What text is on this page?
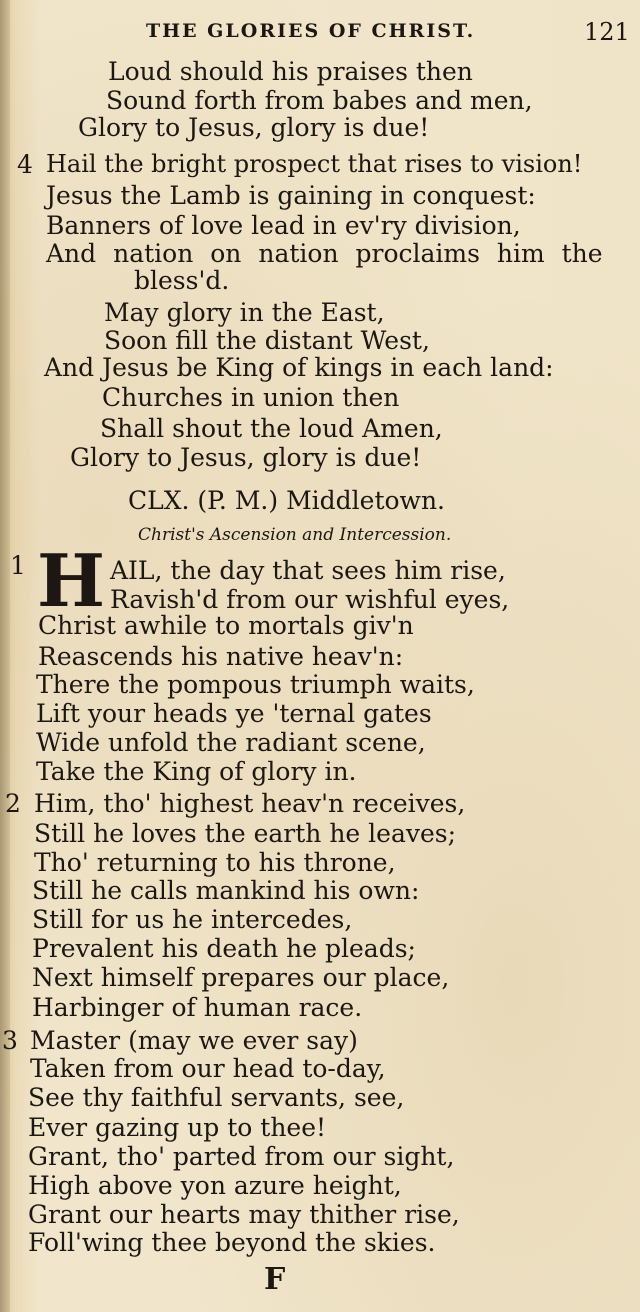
THE GLORIES OF CHRIST.	121
Loud should his praises then
Sound forth from babes and men,
Glory to Jesus, glory is due!
4 Hail the bright prospect that rises to vision!
Jesus the Lamb is gaining in conquest:
Banners of love lead in ev'ry division,
And nation on nation proclaims him the
bless'd.
May glory in the East,
Soon fill the distant West,
And Jesus be King of kings in each land:
Churches in union then
Shall shout the loud Amen,
Glory to Jesus, glory is due!
CLX. (P. M.) Middletown.
Christ's Ascension and Intercession.
1 H AIL, the day that sees him rise,
Ravish'd from our wishful eyes,
Christ awhile to mortals giv'n
Reascends his native heav'n:
There the pompous triumph waits,
Lift your heads ye 'ternal gates
Wide unfold the radiant scene,
Take the King of glory in.
2 Him, tho' highest heav'n receives,
Still he loves the earth he leaves;
Tho' returning to his throne,
Still he calls mankind his own:
Still for us he intercedes,
Prevalent his death he pleads;
Next himself prepares our place,
Harbinger of human race.
3 Master (may we ever say)
Taken from our head to-day,
See thy faithful servants, see,
Ever gazing up to thee!
Grant, tho' parted from our sight,
High above yon azure height,
Grant our hearts may thither rise,
Foll'wing thee beyond the skies.
F
